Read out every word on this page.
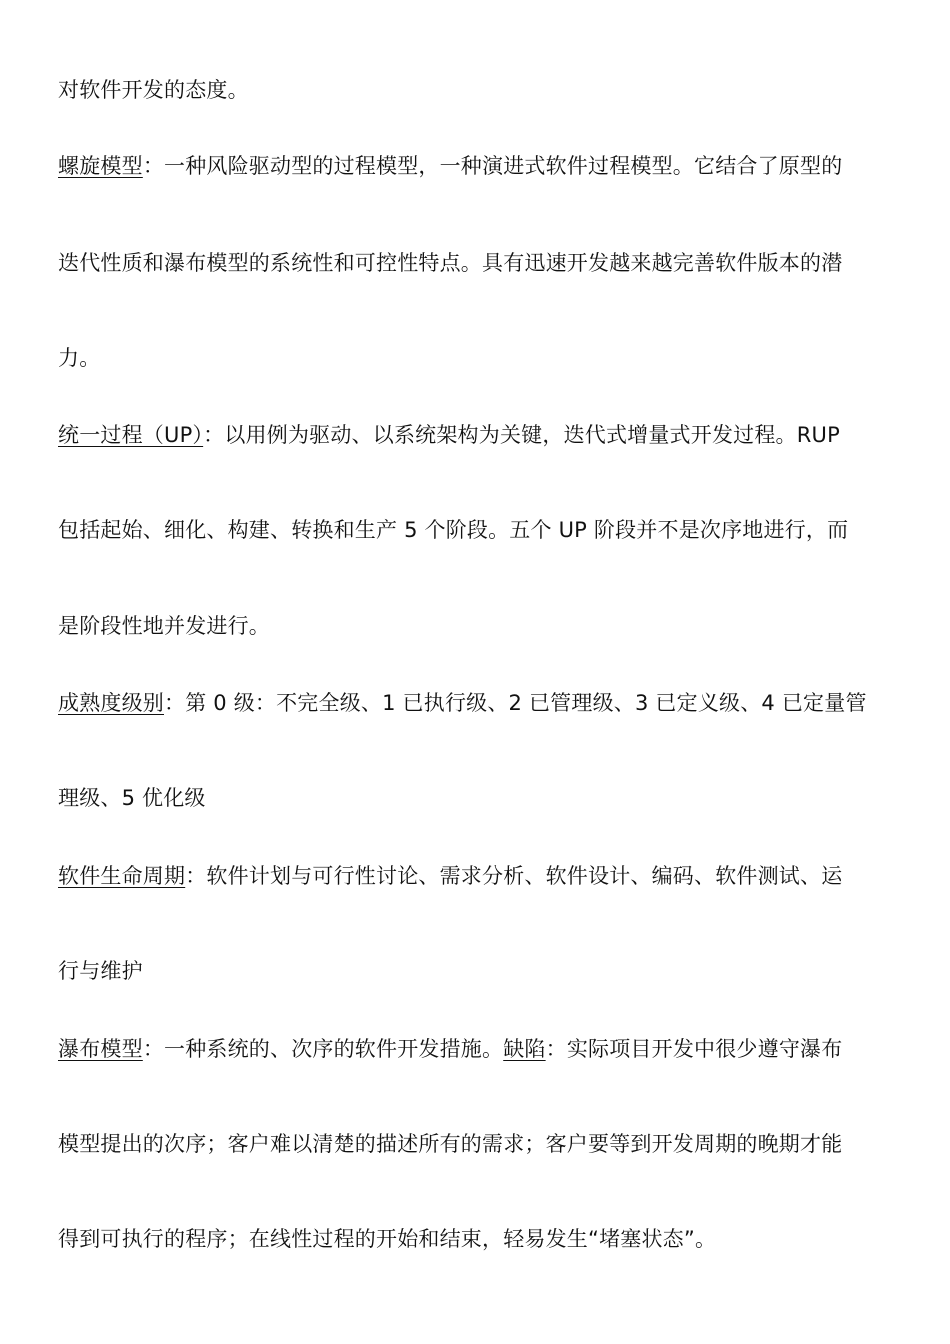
对软件开发的态度。
螺旋模型：一种风险驱动型的过程模型，一种演进式软件过程模型。它结合了原型的
迭代性质和瀑布模型的系统性和可控性特点。具有迅速开发越来越完善软件版本的潜
力。
统一过程（UP）：以用例为驱动、以系统架构为关键，迭代式增量式开发过程。RUP
包括起始、细化、构建、转换和生产 5 个阶段。五个 UP 阶段并不是次序地进行，而
是阶段性地并发进行。
成熟度级别：第 0 级：不完全级、1 已执行级、2 已管理级、3 已定义级、4 已定量管
理级、5 优化级
软件生命周期：软件计划与可行性讨论、需求分析、软件设计、编码、软件测试、运
行与维护
瀑布模型：一种系统的、次序的软件开发措施。缺陷：实际项目开发中很少遵守瀑布
模型提出的次序；客户难以清楚的描述所有的需求；客户要等到开发周期的晚期才能
得到可执行的程序；在线性过程的开始和结束，轻易发生“堵塞状态”。
